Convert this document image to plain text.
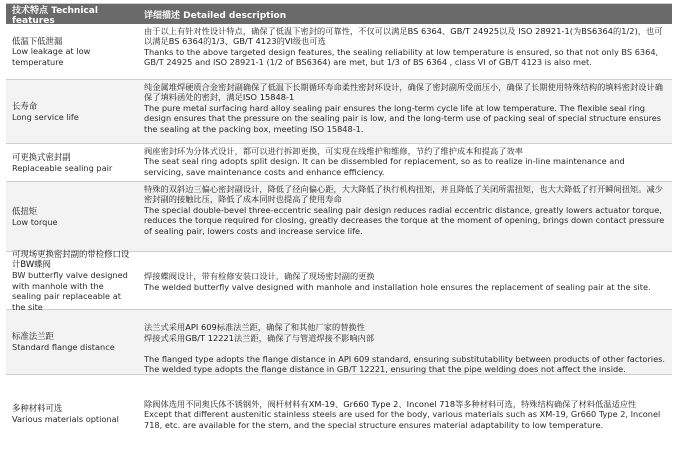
技术特点 Technical features	详细描述 Detailed description
低温下低泄漏
Low leakage at low temperature
由于以上有针对性设计特点，确保了低温下密封的可靠性，不仅可以满足BS 6364、GB/T 24925以及 ISO 28921-1(为BS6364的1/2)，也可以满足BS 6364的1/3、GB/T 4123的VI级也可选
Thanks to the above targeted design features, the sealing reliability at low temperature is ensured, so that not only BS 6364, GB/T 24925 and ISO 28921-1 (1/2 of BS6364) are met, but 1/3 of BS 6364 , class VI of GB/T 4123 is also met.
长寿命
Long service life
纯金属堆焊硬质合金密封副确保了低温下长期循环寿命柔性密封环设计，确保了密封副所受面压小，确保了长期使用特殊结构的填料密封设计确保了填料函处的密封，满足ISO 15848-1
The pure metal surfacing hard alloy sealing pair ensures the long-term cycle life at low temperature. The flexible seal ring design ensures that the pressure on the sealing pair is low, and the long-term use of packing seal of special structure ensures the sealing at the packing box, meeting ISO 15848-1.
可更换式密封副
Replaceable sealing pair
阀座密封环为分体式设计，都可以进行拆卸更换，可实现在线维护和维修，节约了维护成本和提高了效率
The seat seal ring adopts split design. It can be dissembled for replacement, so as to realize in-line maintenance and servicing, save maintenance costs and enhance efficiency.
低扭矩
Low torque
特殊的双斜边三偏心密封副设计，降低了径向偏心距，大大降低了执行机构扭矩，并且降低了关闭所需扭矩，也大大降低了打开瞬间扭矩。减少密封副的接触比压，降低了成本同时也提高了使用寿命
The special double-bevel three-eccentric sealing pair design reduces radial eccentric distance, greatly lowers actuator torque, reduces the torque required for closing, greatly decreases the torque at the moment of opening, brings down contact pressure of sealing pair, lowers costs and increase service life.
可现场更换密封副的带检修口设计BW蝶阀
BW butterfly valve designed with manhole with the sealing pair replaceable at the site
焊接蝶阀设计，带有检修安装口设计，确保了现场密封副的更换
The welded butterfly valve designed with manhole and installation hole ensures the replacement of sealing pair at the site.
标准法兰距
Standard flange distance

法兰式采用API 609标准法兰距，确保了和其他厂家的替换性
焊接式采用GB/T 12221法兰距，确保了与管道焊接不影响内部

The flanged type adopts the flange distance in API 609 standard, ensuring substitutability between products of other factories.
The welded type adopts the flange distance in GB/T 12221, ensuring that the pipe welding does not affect the inside.

多种材料可选
Various materials optional
除阀体选用不同奥氏体不锈钢外，阀杆材料有XM-19、Gr660 Type 2、Inconel 718等多种材料可选，特殊结构确保了材料低温适应性
Except that different austenitic stainless steels are used for the body, various materials such as XM-19, Gr660 Type 2, Inconel 718, etc. are available for the stem, and the special structure ensures material adaptability to low temperature.
